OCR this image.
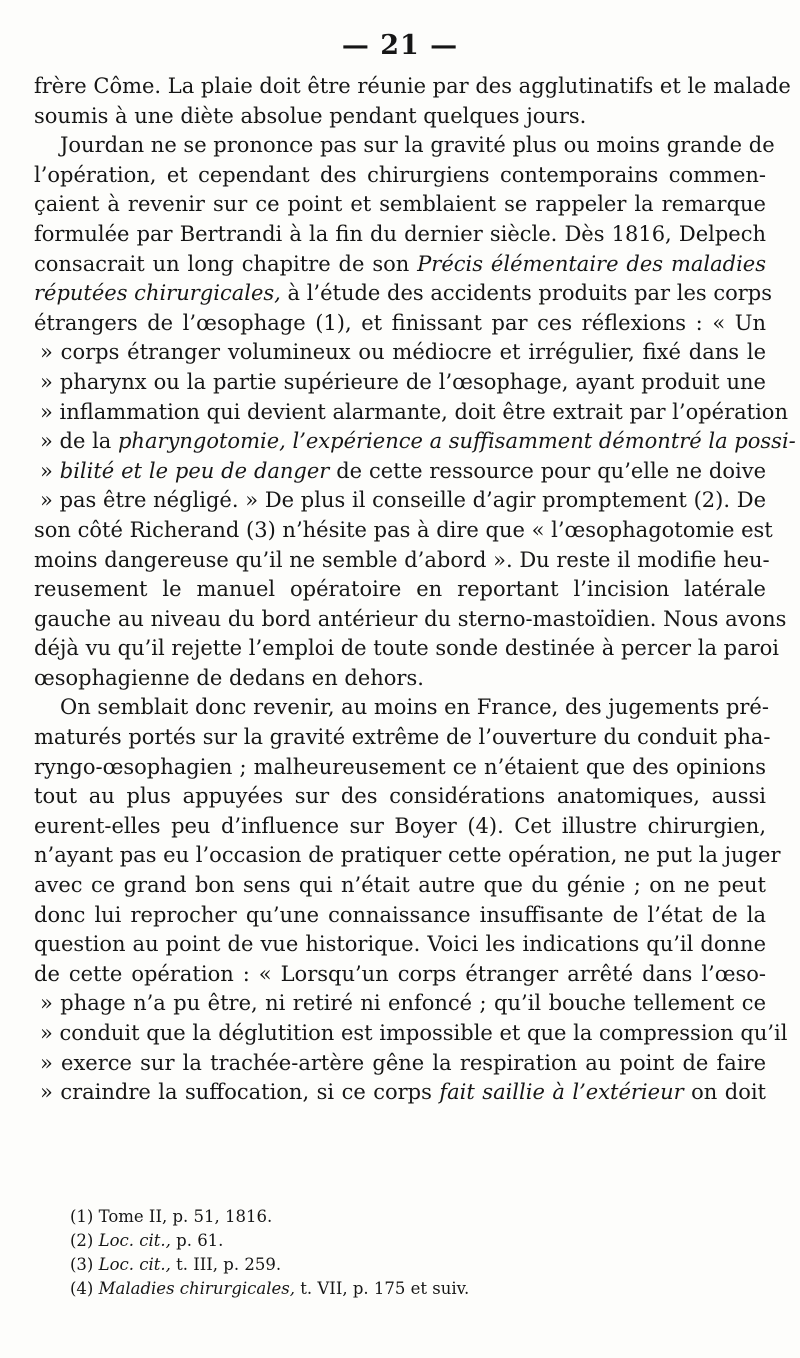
— 21 —
frère Côme. La plaie doit être réunie par des agglutinatifs et le malade
soumis à une diète absolue pendant quelques jours.
Jourdan ne se prononce pas sur la gravité plus ou moins grande de
l’opération, et cependant des chirurgiens contemporains commen-
çaient à revenir sur ce point et semblaient se rappeler la remarque
formulée par Bertrandi à la fin du dernier siècle. Dès 1816, Delpech
consacrait un long chapitre de son Précis élémentaire des maladies
réputées chirurgicales, à l’étude des accidents produits par les corps
étrangers de l’œsophage (1), et finissant par ces réflexions : « Un
» corps étranger volumineux ou médiocre et irrégulier, fixé dans le
» pharynx ou la partie supérieure de l’œsophage, ayant produit une
» inflammation qui devient alarmante, doit être extrait par l’opération
» de la pharyngotomie, l’expérience a suffisamment démontré la possi-
» bilité et le peu de danger de cette ressource pour qu’elle ne doive
» pas être négligé. » De plus il conseille d’agir promptement (2). De
son côté Richerand (3) n’hésite pas à dire que « l’œsophagotomie est
moins dangereuse qu’il ne semble d’abord ». Du reste il modifie heu-
reusement le manuel opératoire en reportant l’incision latérale
gauche au niveau du bord antérieur du sterno-mastoïdien. Nous avons
déjà vu qu’il rejette l’emploi de toute sonde destinée à percer la paroi
œsophagienne de dedans en dehors.
On semblait donc revenir, au moins en France, des jugements pré-
maturés portés sur la gravité extrême de l’ouverture du conduit pha-
ryngo-œsophagien ; malheureusement ce n’étaient que des opinions
tout au plus appuyées sur des considérations anatomiques, aussi
eurent-elles peu d’influence sur Boyer (4). Cet illustre chirurgien,
n’ayant pas eu l’occasion de pratiquer cette opération, ne put la juger
avec ce grand bon sens qui n’était autre que du génie ; on ne peut
donc lui reprocher qu’une connaissance insuffisante de l’état de la
question au point de vue historique. Voici les indications qu’il donne
de cette opération : « Lorsqu’un corps étranger arrêté dans l’œso-
» phage n’a pu être, ni retiré ni enfoncé ; qu’il bouche tellement ce
» conduit que la déglutition est impossible et que la compression qu’il
» exerce sur la trachée-artère gêne la respiration au point de faire
» craindre la suffocation, si ce corps fait saillie à l’extérieur on doit
(1) Tome II, p. 51, 1816.
(2) Loc. cit., p. 61.
(3) Loc. cit., t. III, p. 259.
(4) Maladies chirurgicales, t. VII, p. 175 et suiv.
